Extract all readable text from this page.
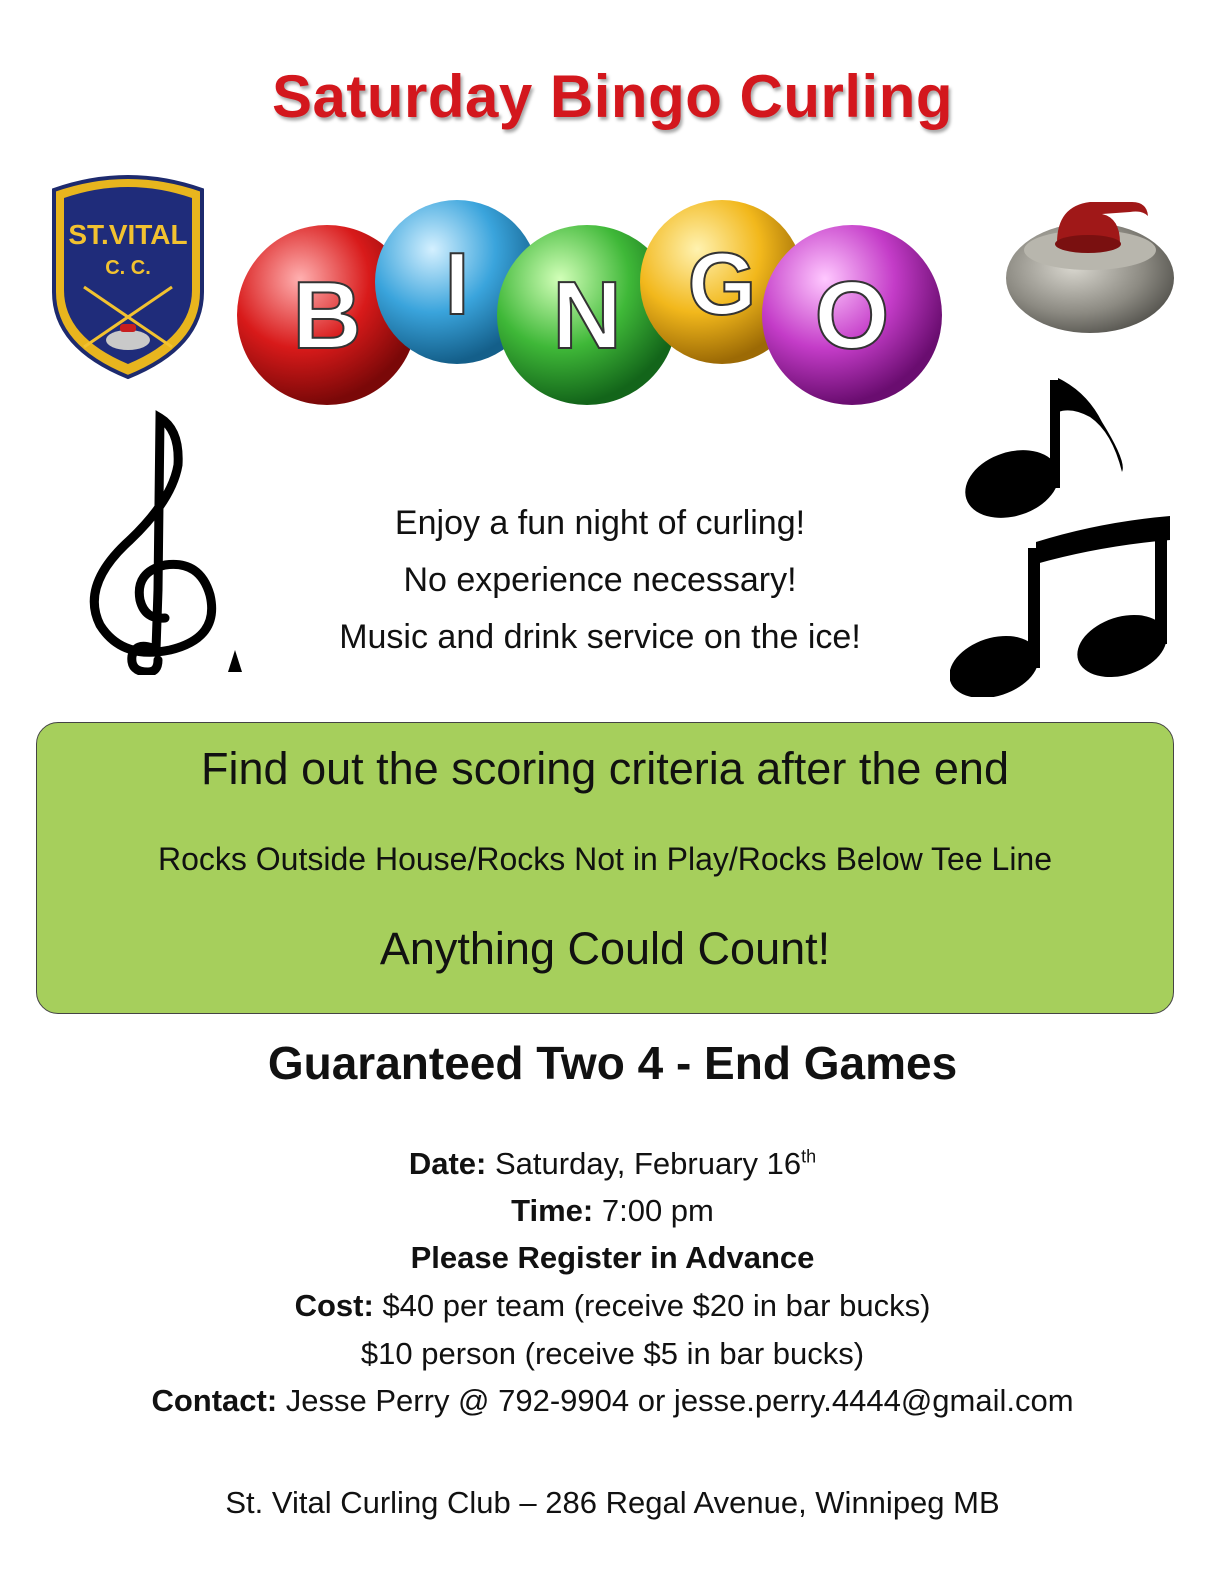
Saturday Bingo Curling
ST.VITAL
C. C. B I N G O
Enjoy a fun night of curling!
No experience necessary!
Music and drink service on the ice!
Find out the scoring criteria after the end
Rocks Outside House/Rocks Not in Play/Rocks Below Tee Line
Anything Could Count!
Guaranteed Two 4 - End Games
Date: Saturday, February 16th
Time: 7:00 pm
Please Register in Advance
Cost: $40 per team (receive $20 in bar bucks)
$10 person (receive $5 in bar bucks)
Contact: Jesse Perry @ 792-9904 or jesse.perry.4444@gmail.com
St. Vital Curling Club – 286 Regal Avenue, Winnipeg MB
